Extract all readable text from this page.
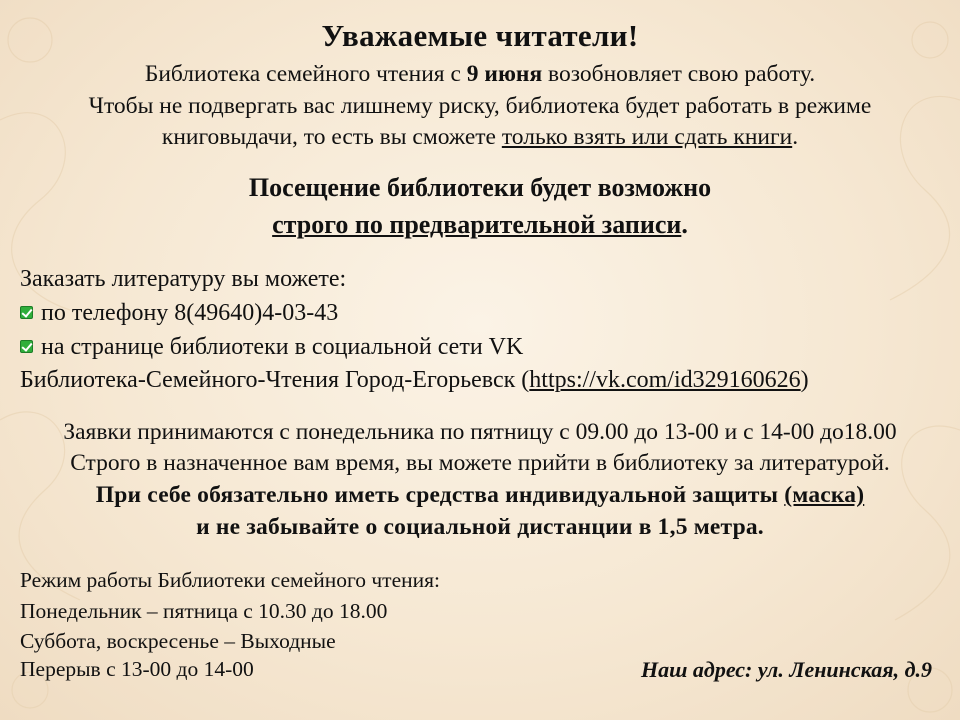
Уважаемые читатели!
Библиотека семейного чтения с 9 июня возобновляет свою работу.
Чтобы не подвергать вас лишнему риску, библиотека будет работать в режиме
книговыдачи, то есть вы сможете только взять или сдать книги.
Посещение библиотеки будет возможно
строго по предварительной записи.
Заказать литературу вы можете:
по телефону 8(49640)4-03-43
на странице библиотеки в социальной сети VK
Библиотека-Семейного-Чтения Город-Егорьевск (https://vk.com/id329160626)
Заявки принимаются с понедельника по пятницу с 09.00 до 13-00 и с 14-00 до18.00
Строго в назначенное вам время, вы можете прийти в библиотеку за литературой.
При себе обязательно иметь средства индивидуальной защиты (маска)
и не забывайте о социальной дистанции в 1,5 метра.
Режим работы Библиотеки семейного чтения:
Понедельник – пятница с 10.30 до 18.00
Суббота, воскресенье – Выходные
Перерыв с 13-00 до 14-00	Наш адрес: ул. Ленинская, д.9
